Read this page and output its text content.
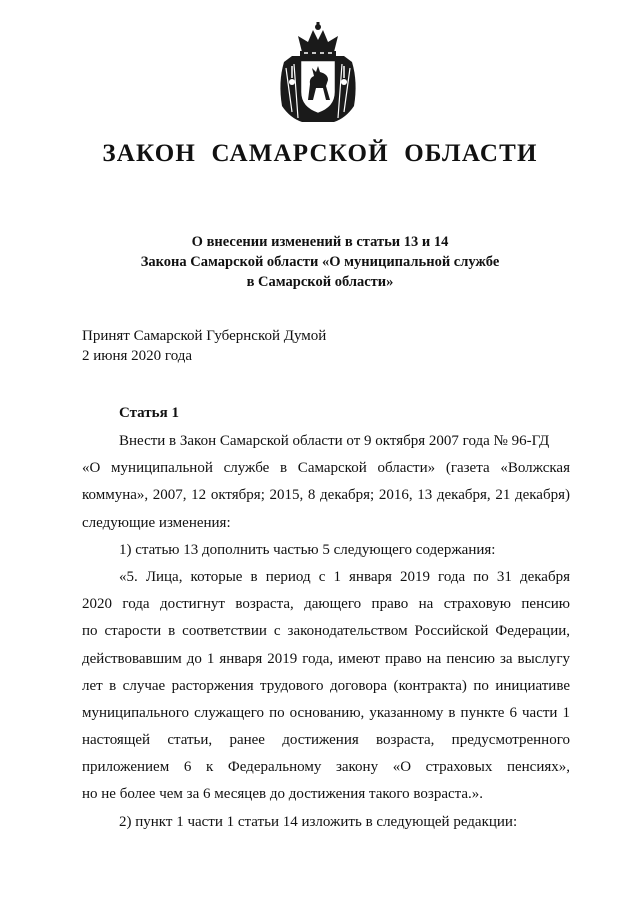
ЗАКОН САМАРСКОЙ ОБЛАСТИ
О внесении изменений в статьи 13 и 14
Закона Самарской области «О муниципальной службе
в Самарской области»
Принят Самарской Губернской Думой
2 июня 2020 года
Статья 1
Внести в Закон Самарской области от 9 октября 2007 года № 96-ГД
«О муниципальной службе в Самарской области» (газета «Волжская
коммуна», 2007, 12 октября; 2015, 8 декабря; 2016, 13 декабря, 21 декабря)
следующие изменения:
1) статью 13 дополнить частью 5 следующего содержания:
«5. Лица, которые в период с 1 января 2019 года по 31 декабря
2020 года достигнут возраста, дающего право на страховую пенсию
по старости в соответствии с законодательством Российской Федерации,
действовавшим до 1 января 2019 года, имеют право на пенсию за выслугу
лет в случае расторжения трудового договора (контракта) по инициативе
муниципального служащего по основанию, указанному в пункте 6 части 1
настоящей статьи, ранее достижения возраста, предусмотренного
приложением 6 к Федеральному закону «О страховых пенсиях»,
но не более чем за 6 месяцев до достижения такого возраста.».
2) пункт 1 части 1 статьи 14 изложить в следующей редакции:
